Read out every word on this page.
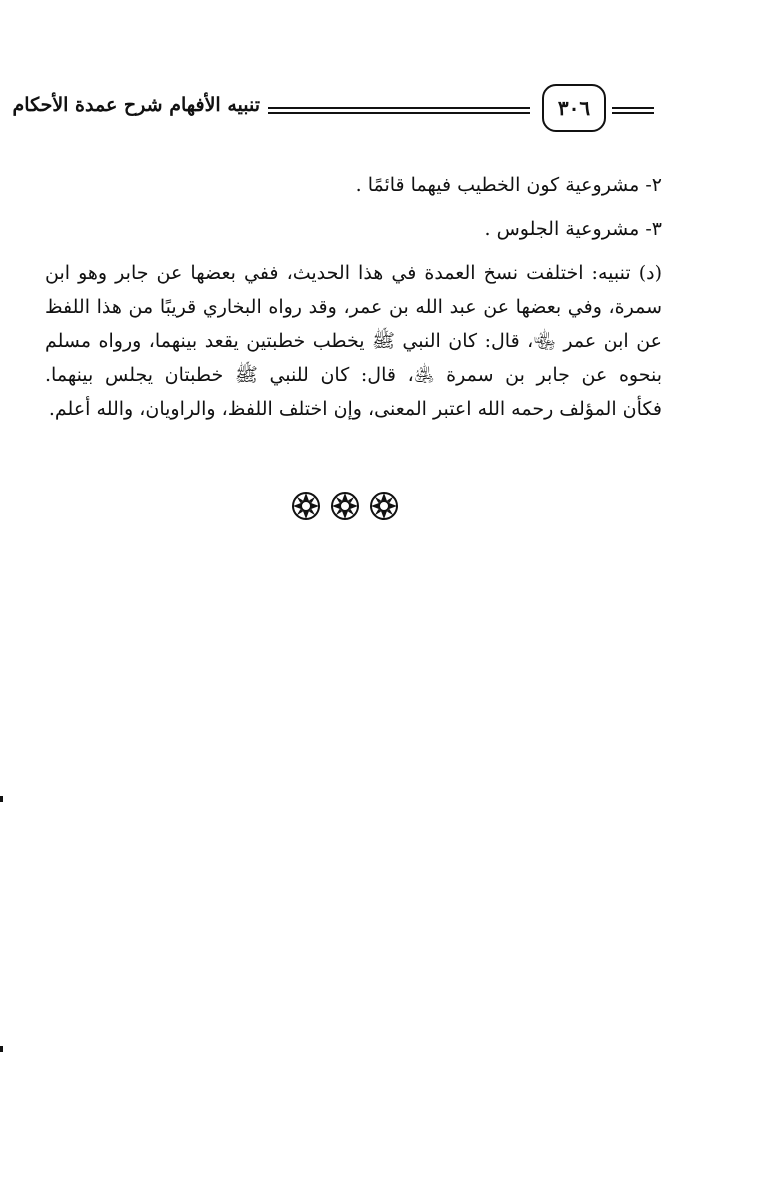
تنبيه الأفهام شرح عمدة الأحكام	٣٠٦
٢- مشروعية كون الخطيب فيهما قائمًا .
٣- مشروعية الجلوس .
(د) تنبيه: اختلفت نسخ العمدة في هذا الحديث، ففي بعضها عن جابر وهو ابن
سمرة، وفي بعضها عن عبد الله بن عمر، وقد رواه البخاري قريبًا من هذا اللفظ
عن ابن عمر ﵄، قال: كان النبي ﷺ يخطب خطبتين يقعد بينهما، ورواه مسلم
بنحوه عن جابر بن سمرة ﵁، قال: كان للنبي ﷺ خطبتان يجلس بينهما.
فكأن المؤلف رحمه الله اعتبر المعنى، وإن اختلف اللفظ، والراويان، والله أعلم.
